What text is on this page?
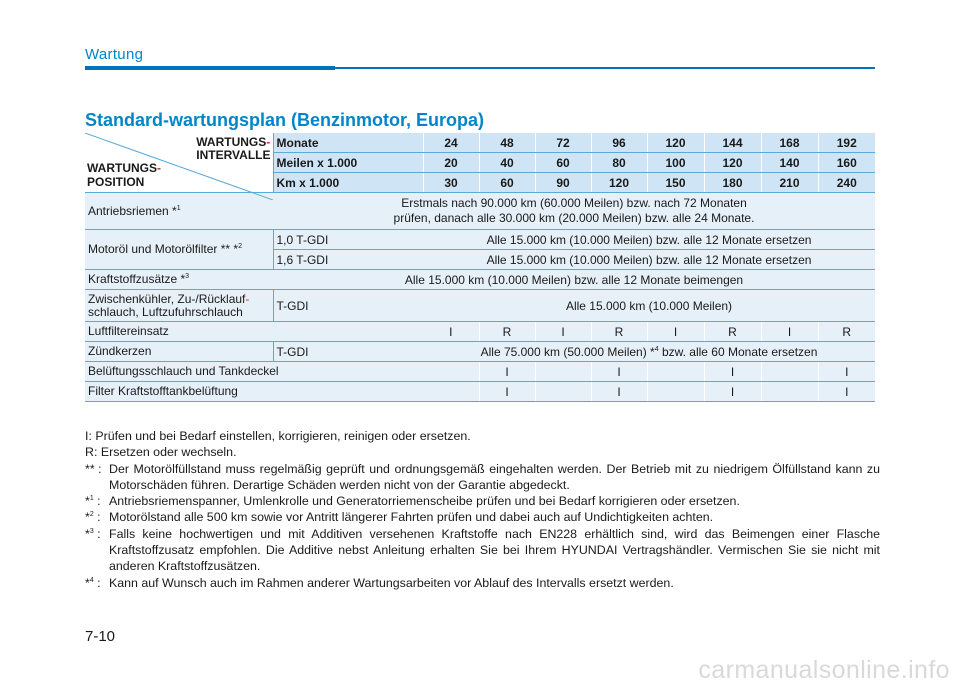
Wartung
Standard-wartungsplan (Benzinmotor, Europa)
WARTUNGS-
INTERVALLE
WARTUNGS-
POSITION	Monate	24	48	72	96	120	144	168	192
	Meilen x 1.000	20	40	60	80	100	120	140	160
	Km x 1.000	30	60	90	120	150	180	210	240
Antriebsriemen *$^1$	Erstmals nach 90.000 km (60.000 Meilen) bzw. nach 72 Monaten
prüfen, danach alle 30.000 km (20.000 Meilen) bzw. alle 24 Monate.								
Motoröl und Motorölfilter ** *$^2$	1,0 T-GDI	Alle 15.000 km (10.000 Meilen) bzw. alle 12 Monate ersetzen							
	1,6 T-GDI	Alle 15.000 km (10.000 Meilen) bzw. alle 12 Monate ersetzen							
Kraftstoffzusätze *$^3$	Alle 15.000 km (10.000 Meilen) bzw. alle 12 Monate beimengen								
Zwischenkühler, Zu-/Rücklauf-
schlauch, Luftzufuhrschlauch	T-GDI	Alle 15.000 km (10.000 Meilen)							
Luftfiltereinsatz		I	R	I	R	I	R	I	R
Zündkerzen	T-GDI	Alle 75.000 km (50.000 Meilen) *$^4$ bzw. alle 60 Monate ersetzen							
Belüftungsschlauch und Tankdeckel			I		I		I		I
Filter Kraftstofftankbelüftung			I		I		I		I
I: Prüfen und bei Bedarf einstellen, korrigieren, reinigen oder ersetzen.
R: Ersetzen oder wechseln.
** : Der Motorölfüllstand muss regelmäßig geprüft und ordnungsgemäß eingehalten werden. Der Betrieb mit zu niedrigem Ölfüllstand kann zu Motorschäden führen. Derartige Schäden werden nicht von der Garantie abgedeckt.
*$^1$ : Antriebsriemenspanner, Umlenkrolle und Generatorriemenscheibe prüfen und bei Bedarf korrigieren oder ersetzen.
*$^2$ : Motorölstand alle 500 km sowie vor Antritt längerer Fahrten prüfen und dabei auch auf Undichtigkeiten achten.
*$^3$ : Falls keine hochwertigen und mit Additiven versehenen Kraftstoffe nach EN228 erhältlich sind, wird das Beimengen einer Flasche Kraftstoffzusatz empfohlen. Die Additive nebst Anleitung erhalten Sie bei Ihrem HYUNDAI Vertragshändler. Vermischen Sie sie nicht mit anderen Kraftstoffzusätzen.
*$^4$ : Kann auf Wunsch auch im Rahmen anderer Wartungsarbeiten vor Ablauf des Intervalls ersetzt werden.
7-10
carmanualsonline.info
